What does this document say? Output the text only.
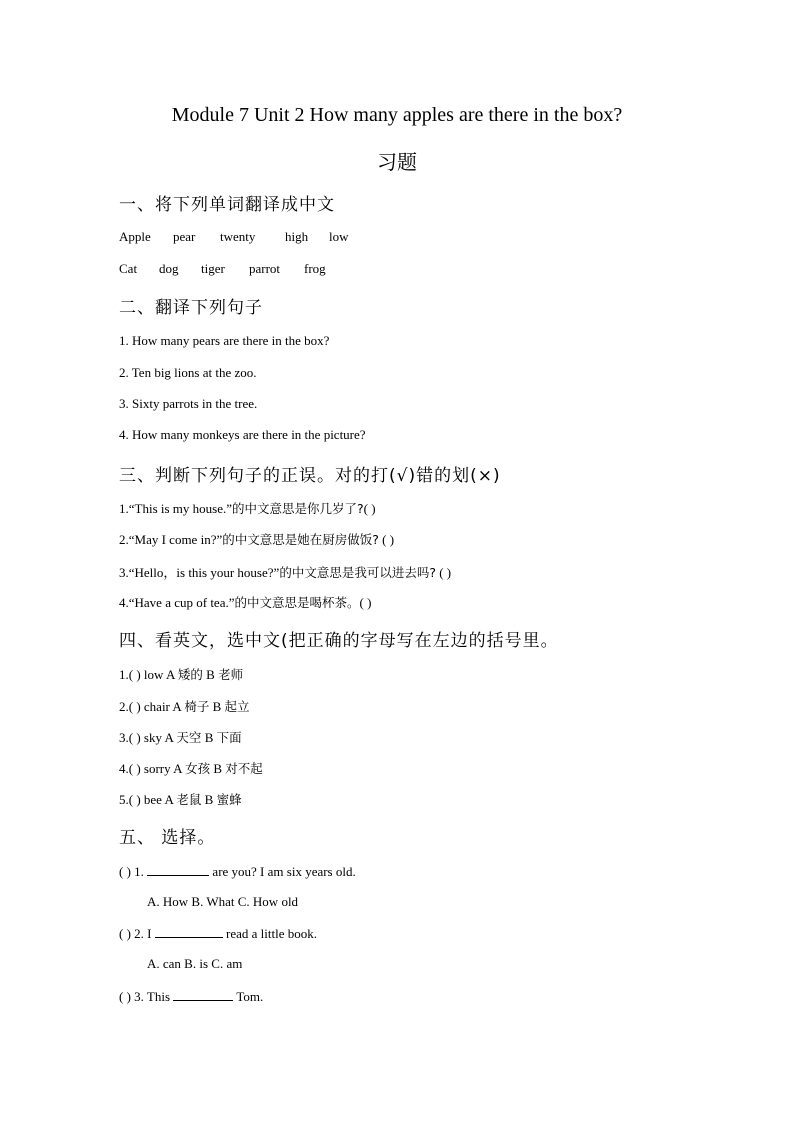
Module 7 Unit 2 How many apples are there in the box?
习题
一、将下列单词翻译成中文
Apple pear twenty high low
Cat dog tiger parrot frog
二、翻译下列句子
1. How many pears are there in the box?
2. Ten big lions at the zoo.
3. Sixty parrots in the tree.
4. How many monkeys are there in the picture?
三、判断下列句子的正误。对的打(√)错的划(×)
1.“This is my house.”的中文意思是你几岁了?( )
2.“May I come in?”的中文意思是她在厨房做饭? ( )
3.“Hello，is this your house?”的中文意思是我可以进去吗? ( )
4.“Have a cup of tea.”的中文意思是喝杯茶。( )
四、看英文，选中文(把正确的字母写在左边的括号里。
1.( ) low A 矮的 B 老师
2.( ) chair A 椅子 B 起立
3.( ) sky A 天空 B 下面
4.( ) sorry A 女孩 B 对不起
5.( ) bee A 老鼠 B 蜜蜂
五、 选择。
( ) 1.	are you? I am six years old.
A. How B. What C. How old
( ) 2. I	read a little book.
A. can B. is C. am
( ) 3. This	Tom.
